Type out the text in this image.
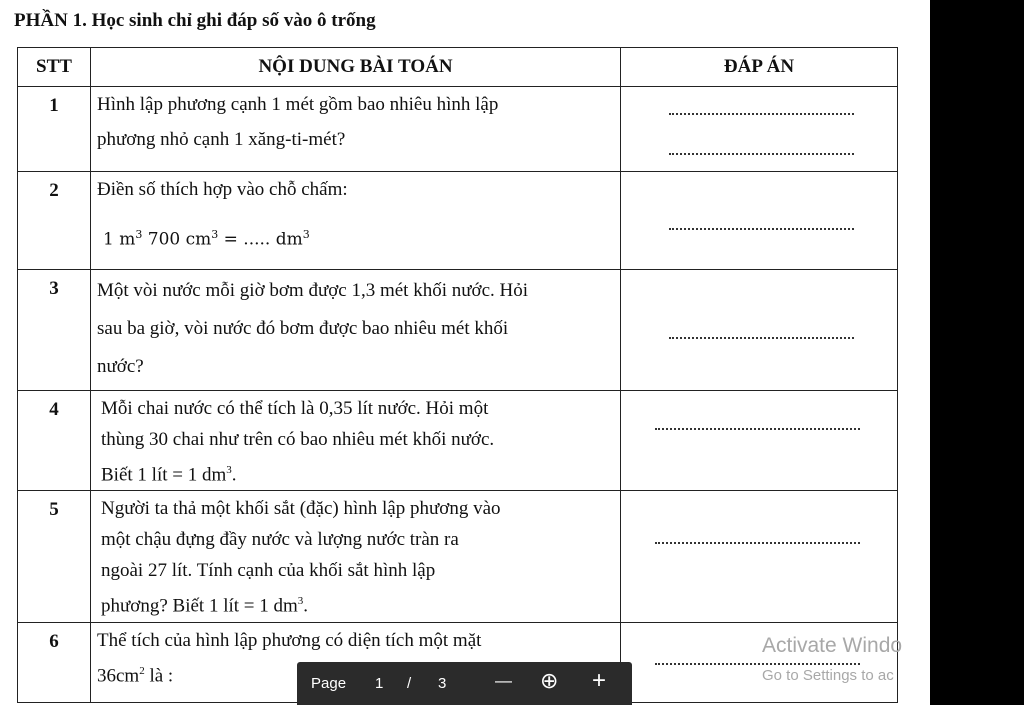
PHẦN 1. Học sinh chỉ ghi đáp số vào ô trống
STT	NỘI DUNG BÀI TOÁN	ĐÁP ÁN
1	Hình lập phương cạnh 1 mét gồm bao nhiêu hình lập
phương nhỏ cạnh 1 xăng-ti-mét?	

2	Điền số thích hợp vào chỗ chấm:
1 $m^3$ 700 $cm^3$ = ..... $dm^3$

3	Một vòi nước mỗi giờ bơm được 1,3 mét khối nước. Hỏi
sau ba giờ, vòi nước đó bơm được bao nhiêu mét khối
nước?	

4	Mỗi chai nước có thể tích là 0,35 lít nước. Hỏi một
thùng 30 chai như trên có bao nhiêu mét khối nước.
Biết 1 lít = 1 $dm^3$.	

5	Người ta thả một khối sắt (đặc) hình lập phương vào
một chậu đựng đầy nước và lượng nước tràn ra
ngoài 27 lít. Tính cạnh của khối sắt hình lập
phương? Biết 1 lít = 1 $dm^3$.	

6	Thể tích của hình lập phương có diện tích một mặt
$36cm^2$ là :	
		Page 1 / 3	— ⊕ +
Activate Windo
Go to Settings to ac
